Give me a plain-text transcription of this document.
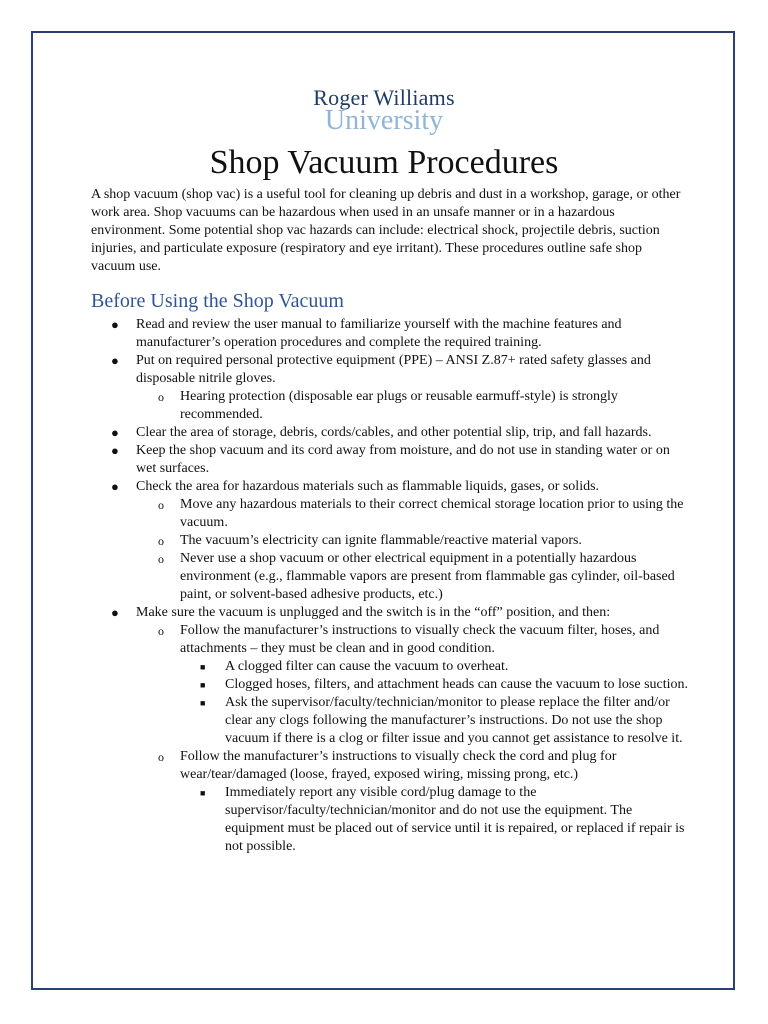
Roger Williams
University
Shop Vacuum Procedures
A shop vacuum (shop vac) is a useful tool for cleaning up debris and dust in a workshop, garage, or other work area. Shop vacuums can be hazardous when used in an unsafe manner or in a hazardous environment. Some potential shop vac hazards can include: electrical shock, projectile debris, suction injuries, and particulate exposure (respiratory and eye irritant). These procedures outline safe shop vacuum use.
Before Using the Shop Vacuum
● Read and review the user manual to familiarize yourself with the machine features and manufacturer’s operation procedures and complete the required training.
● Put on required personal protective equipment (PPE) – ANSI Z.87+ rated safety glasses and disposable nitrile gloves.
o Hearing protection (disposable ear plugs or reusable earmuff-style) is strongly recommended.
● Clear the area of storage, debris, cords/cables, and other potential slip, trip, and fall hazards.
● Keep the shop vacuum and its cord away from moisture, and do not use in standing water or on wet surfaces.
● Check the area for hazardous materials such as flammable liquids, gases, or solids.
o Move any hazardous materials to their correct chemical storage location prior to using the vacuum.
o The vacuum’s electricity can ignite flammable/reactive material vapors.
o Never use a shop vacuum or other electrical equipment in a potentially hazardous environment (e.g., flammable vapors are present from flammable gas cylinder, oil-based paint, or solvent-based adhesive products, etc.)
● Make sure the vacuum is unplugged and the switch is in the “off” position, and then:
o Follow the manufacturer’s instructions to visually check the vacuum filter, hoses, and attachments – they must be clean and in good condition.
■ A clogged filter can cause the vacuum to overheat.
■ Clogged hoses, filters, and attachment heads can cause the vacuum to lose suction.
■ Ask the supervisor/faculty/technician/monitor to please replace the filter and/or clear any clogs following the manufacturer’s instructions. Do not use the shop vacuum if there is a clog or filter issue and you cannot get assistance to resolve it.
o Follow the manufacturer’s instructions to visually check the cord and plug for wear/tear/damaged (loose, frayed, exposed wiring, missing prong, etc.)
■ Immediately report any visible cord/plug damage to the supervisor/faculty/technician/monitor and do not use the equipment. The equipment must be placed out of service until it is repaired, or replaced if repair is not possible.
